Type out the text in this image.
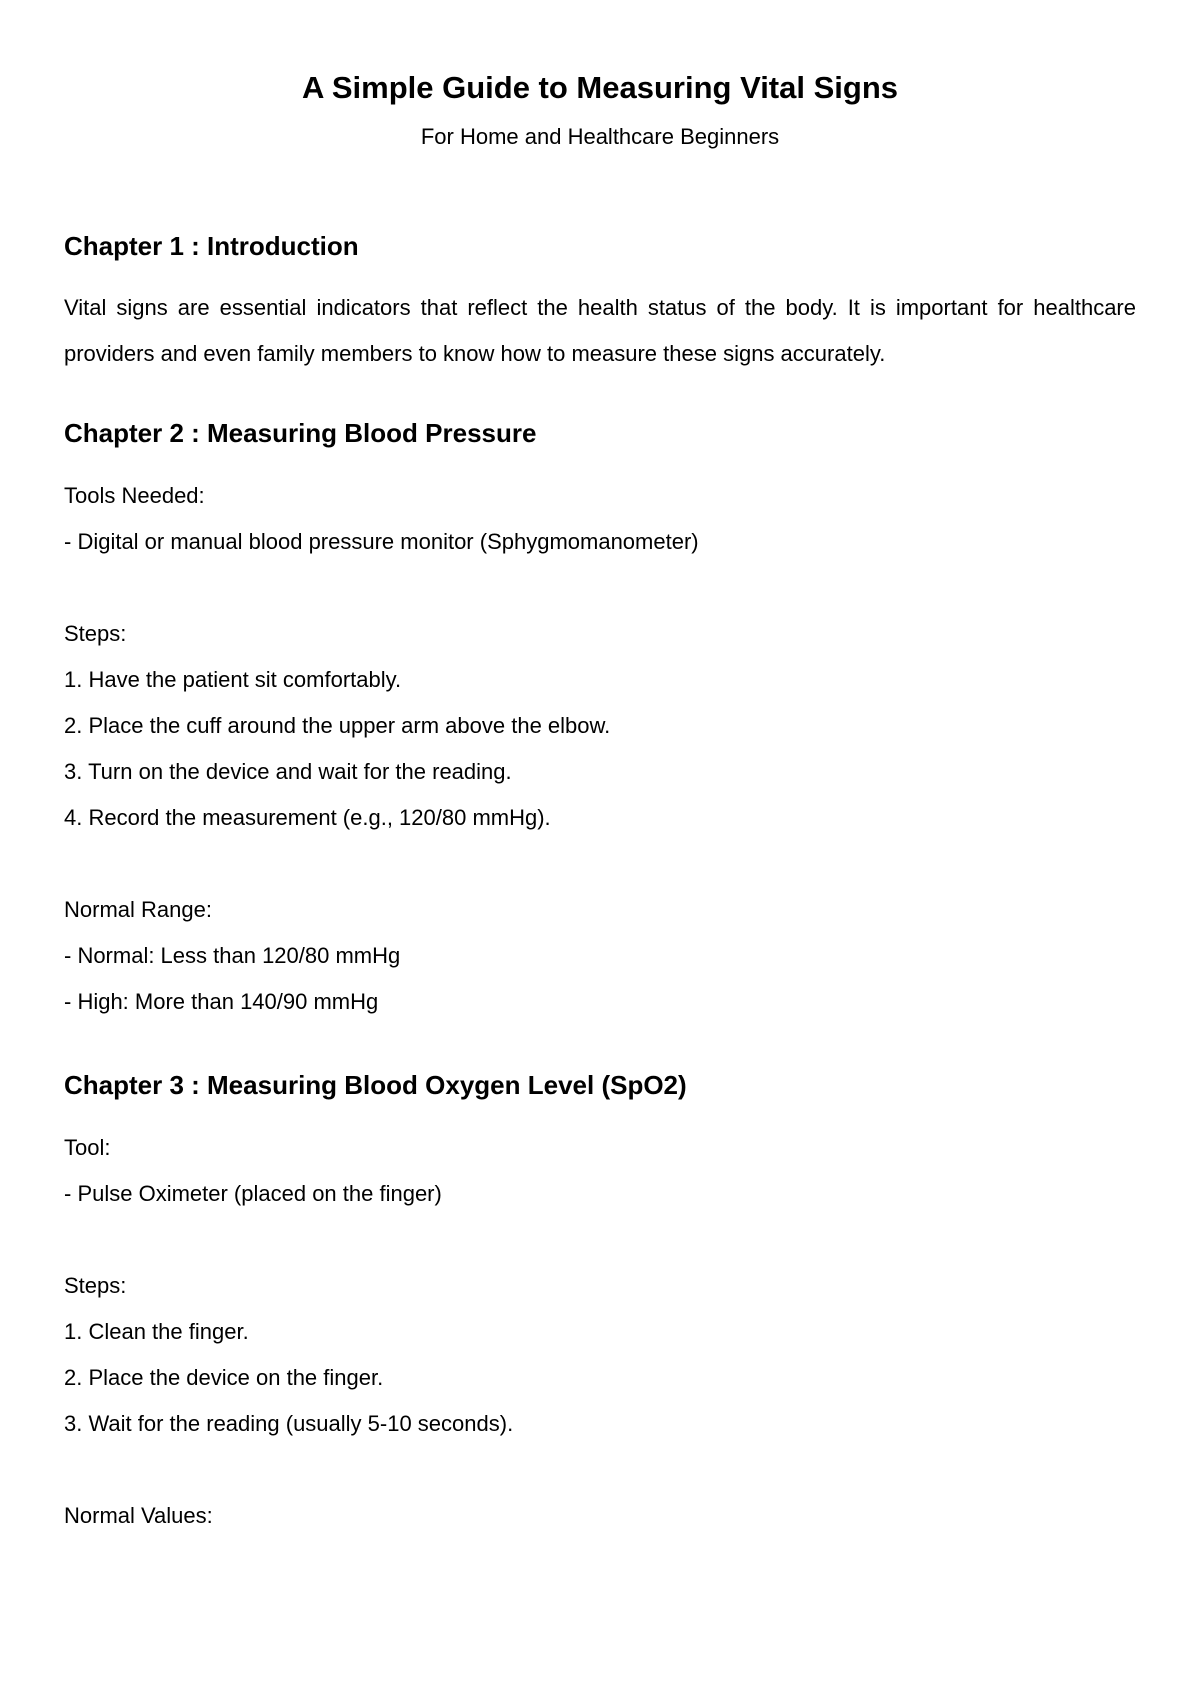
A Simple Guide to Measuring Vital Signs
For Home and Healthcare Beginners
Chapter 1 : Introduction
Vital signs are essential indicators that reflect the health status of the body. It is important for healthcare providers and even family members to know how to measure these signs accurately.
Chapter 2 : Measuring Blood Pressure
Tools Needed:
- Digital or manual blood pressure monitor (Sphygmomanometer)
Steps:
1. Have the patient sit comfortably.
2. Place the cuff around the upper arm above the elbow.
3. Turn on the device and wait for the reading.
4. Record the measurement (e.g., 120/80 mmHg).
Normal Range:
- Normal: Less than 120/80 mmHg
- High: More than 140/90 mmHg
Chapter 3 : Measuring Blood Oxygen Level (SpO2)
Tool:
- Pulse Oximeter (placed on the finger)
Steps:
1. Clean the finger.
2. Place the device on the finger.
3. Wait for the reading (usually 5-10 seconds).
Normal Values:
